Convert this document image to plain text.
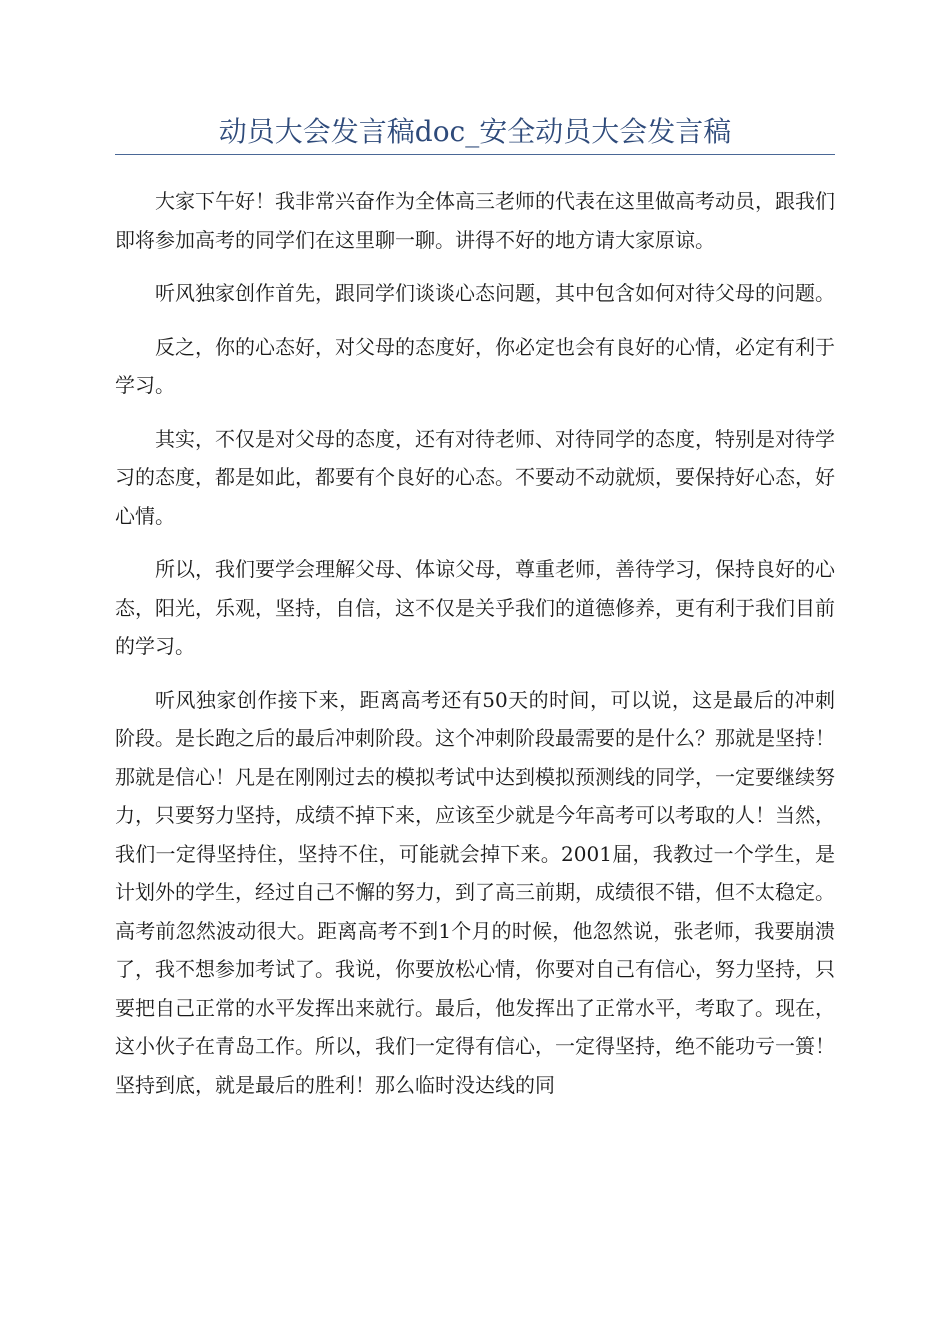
动员大会发言稿doc_安全动员大会发言稿

大家下午好！我非常兴奋作为全体高三老师的代表在这里做高考动员，跟我们即将参加高考的同学们在这里聊一聊。讲得不好的地方请大家原谅。

听风独家创作首先，跟同学们谈谈心态问题，其中包含如何对待父母的问题。

反之，你的心态好，对父母的态度好，你必定也会有良好的心情，必定有利于学习。

其实，不仅是对父母的态度，还有对待老师、对待同学的态度，特别是对待学习的态度，都是如此，都要有个良好的心态。不要动不动就烦，要保持好心态，好心情。

所以，我们要学会理解父母、体谅父母，尊重老师，善待学习，保持良好的心态，阳光，乐观，坚持，自信，这不仅是关乎我们的道德修养，更有利于我们目前的学习。

听风独家创作接下来，距离高考还有50天的时间，可以说，这是最后的冲刺阶段。是长跑之后的最后冲刺阶段。这个冲刺阶段最需要的是什么？那就是坚持！那就是信心！凡是在刚刚过去的模拟考试中达到模拟预测线的同学，一定要继续努力，只要努力坚持，成绩不掉下来，应该至少就是今年高考可以考取的人！当然，我们一定得坚持住，坚持不住，可能就会掉下来。2001届，我教过一个学生，是计划外的学生，经过自己不懈的努力，到了高三前期，成绩很不错，但不太稳定。高考前忽然波动很大。距离高考不到1个月的时候，他忽然说，张老师，我要崩溃了，我不想参加考试了。我说，你要放松心情，你要对自己有信心，努力坚持，只要把自己正常的水平发挥出来就行。最后，他发挥出了正常水平，考取了。现在，这小伙子在青岛工作。所以，我们一定得有信心，一定得坚持，绝不能功亏一篑！坚持到底，就是最后的胜利！那么临时没达线的同
